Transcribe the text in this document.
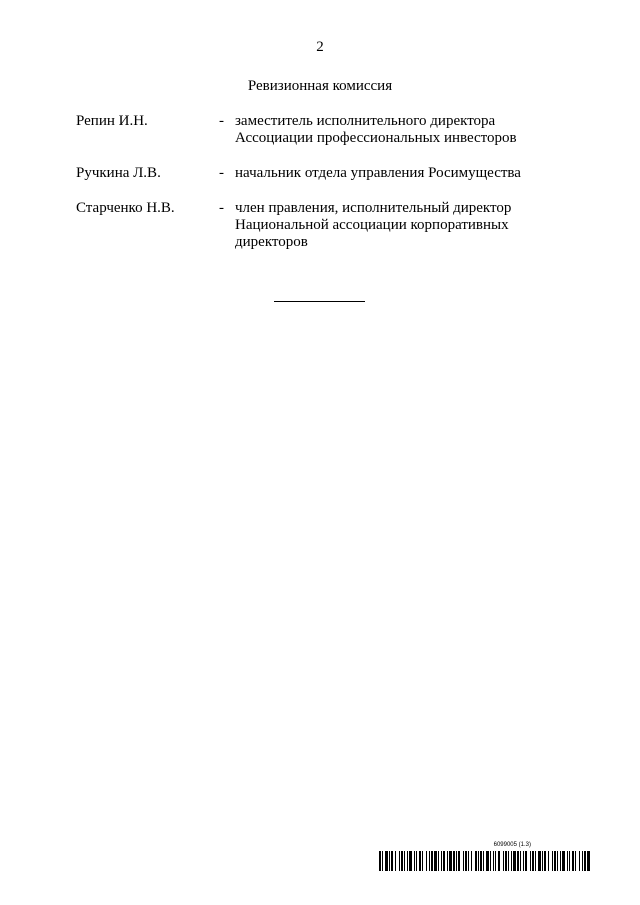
2
Ревизионная комиссия
Репин И.Н.	- заместитель исполнительного директора Ассоциации профессиональных инвесторов
Ручкина Л.В.	- начальник отдела управления Росимущества
Старченко Н.В.	- член правления, исполнительный директор Национальной ассоциации корпоративных директоров
6099005 (1.3)
